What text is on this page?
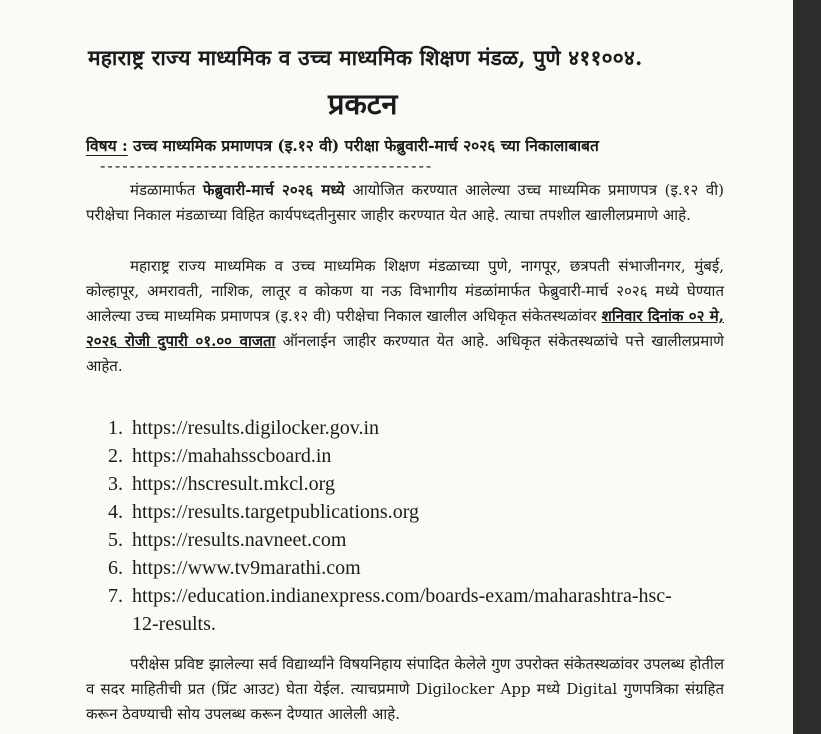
महाराष्ट्र राज्य माध्यमिक व उच्च माध्यमिक शिक्षण मंडळ, पुणे ४११००४.
प्रकटन
विषय : उच्च माध्यमिक प्रमाणपत्र (इ.१२ वी) परीक्षा फेब्रुवारी-मार्च २०२६ च्या निकालाबाबत
---------------------------------------------
मंडळामार्फत फेब्रुवारी-मार्च २०२६ मध्ये आयोजित करण्यात आलेल्या उच्च माध्यमिक प्रमाणपत्र (इ.१२ वी) परीक्षेचा निकाल मंडळाच्या विहित कार्यपध्दतीनुसार जाहीर करण्यात येत आहे. त्याचा तपशील खालीलप्रमाणे आहे.
महाराष्ट्र राज्य माध्यमिक व उच्च माध्यमिक शिक्षण मंडळाच्या पुणे, नागपूर, छत्रपती संभाजीनगर, मुंबई, कोल्हापूर, अमरावती, नाशिक, लातूर व कोकण या नऊ विभागीय मंडळांमार्फत फेब्रुवारी-मार्च २०२६ मध्ये घेण्यात आलेल्या उच्च माध्यमिक प्रमाणपत्र (इ.१२ वी) परीक्षेचा निकाल खालील अधिकृत संकेतस्थळांवर शनिवार दिनांक ०२ मे, २०२६ रोजी दुपारी ०१.०० वाजता ऑनलाईन जाहीर करण्यात येत आहे. अधिकृत संकेतस्थळांचे पत्ते खालीलप्रमाणे आहेत.
1. https://results.digilocker.gov.in
2. https://mahahsscboard.in
3. https://hscresult.mkcl.org
4. https://results.targetpublications.org
5. https://results.navneet.com
6. https://www.tv9marathi.com
7. https://education.indianexpress.com/boards-exam/maharashtra-hsc-
12-results.
परीक्षेस प्रविष्ट झालेल्या सर्व विद्यार्थ्यांने विषयनिहाय संपादित केलेले गुण उपरोक्त संकेतस्थळांवर उपलब्ध होतील व सदर माहितीची प्रत (प्रिंट आउट) घेता येईल. त्याचप्रमाणे Digilocker App मध्ये Digital गुणपत्रिका संग्रहित करून ठेवण्याची सोय उपलब्ध करून देण्यात आलेली आहे.
